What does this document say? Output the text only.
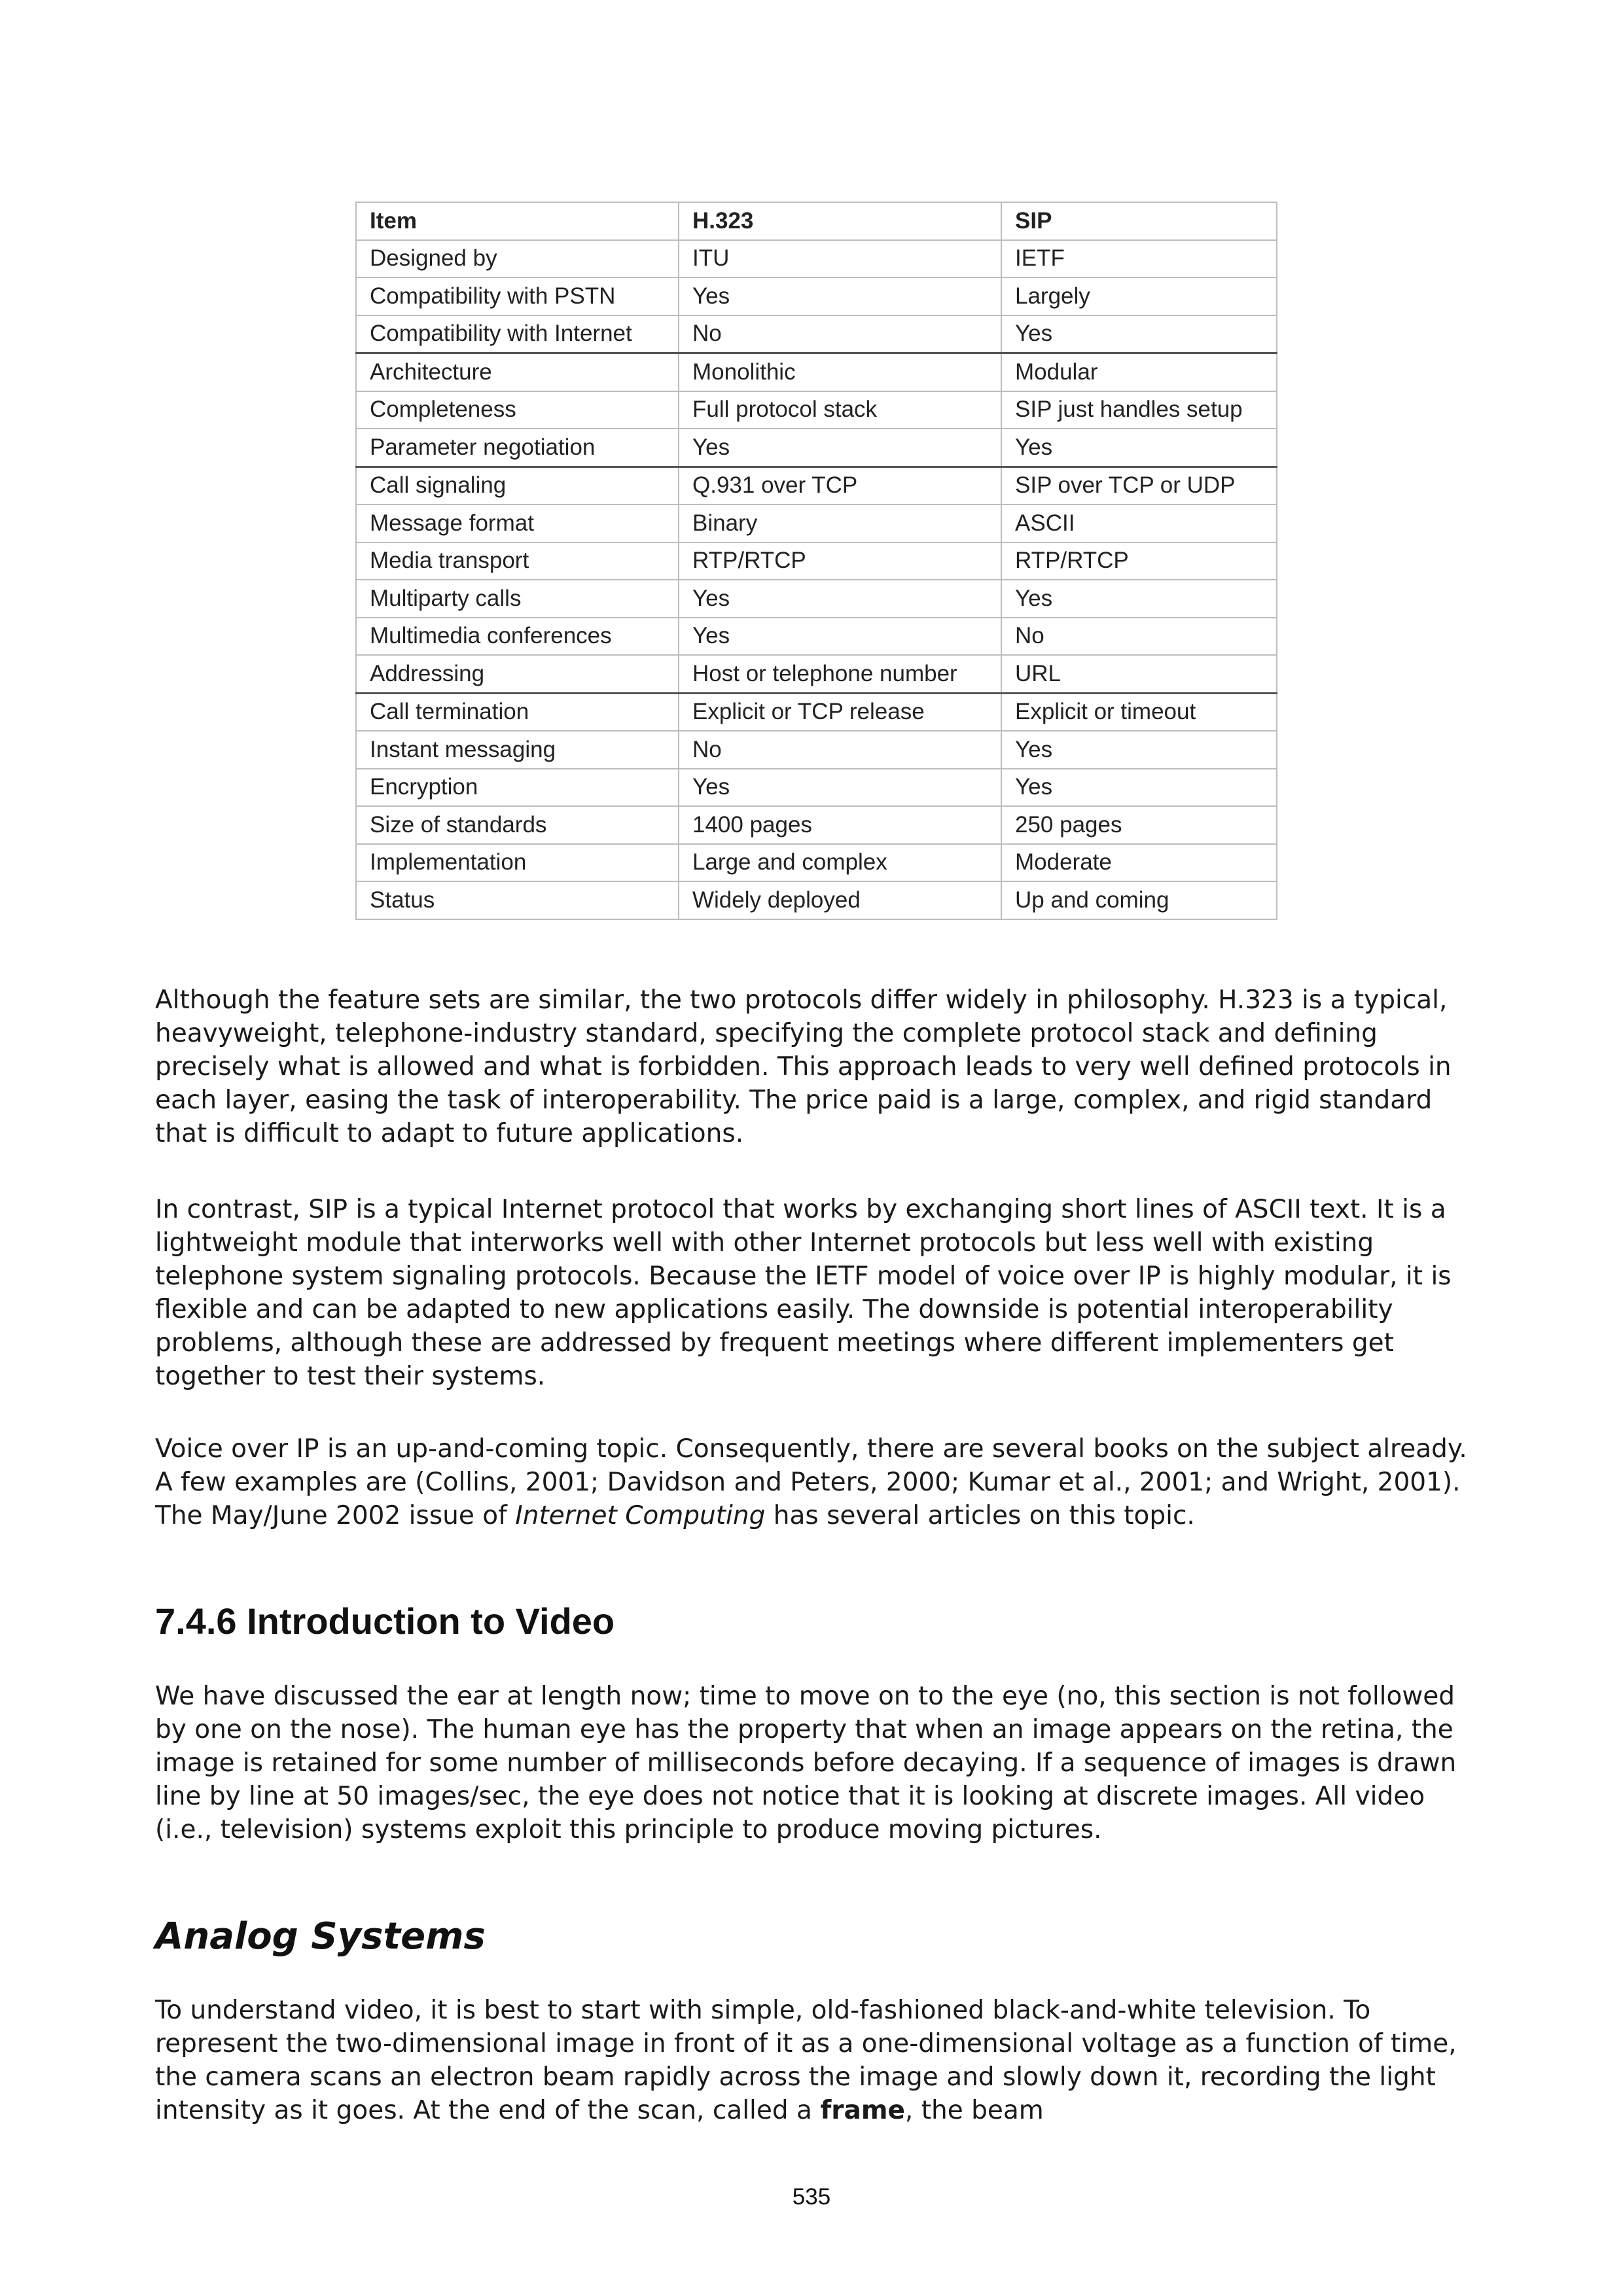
Item	H.323	SIP
Designed by	ITU	IETF
Compatibility with PSTN	Yes	Largely
Compatibility with Internet	No	Yes
Architecture	Monolithic	Modular
Completeness	Full protocol stack	SIP just handles setup
Parameter negotiation	Yes	Yes
Call signaling	Q.931 over TCP	SIP over TCP or UDP
Message format	Binary	ASCII
Media transport	RTP/RTCP	RTP/RTCP
Multiparty calls	Yes	Yes
Multimedia conferences	Yes	No
Addressing	Host or telephone number	URL
Call termination	Explicit or TCP release	Explicit or timeout
Instant messaging	No	Yes
Encryption	Yes	Yes
Size of standards	1400 pages	250 pages
Implementation	Large and complex	Moderate
Status	Widely deployed	Up and coming

Although the feature sets are similar, the two protocols differ widely in philosophy. H.323 is a typical, heavyweight, telephone-industry standard, specifying the complete protocol stack and defining precisely what is allowed and what is forbidden. This approach leads to very well defined protocols in each layer, easing the task of interoperability. The price paid is a large, complex, and rigid standard that is difficult to adapt to future applications.

In contrast, SIP is a typical Internet protocol that works by exchanging short lines of ASCII text. It is a lightweight module that interworks well with other Internet protocols but less well with existing telephone system signaling protocols. Because the IETF model of voice over IP is highly modular, it is flexible and can be adapted to new applications easily. The downside is potential interoperability problems, although these are addressed by frequent meetings where different implementers get together to test their systems.

Voice over IP is an up-and-coming topic. Consequently, there are several books on the subject already. A few examples are (Collins, 2001; Davidson and Peters, 2000; Kumar et al., 2001; and Wright, 2001). The May/June 2002 issue of Internet Computing has several articles on this topic.

7.4.6 Introduction to Video

We have discussed the ear at length now; time to move on to the eye (no, this section is not followed by one on the nose). The human eye has the property that when an image appears on the retina, the image is retained for some number of milliseconds before decaying. If a sequence of images is drawn line by line at 50 images/sec, the eye does not notice that it is looking at discrete images. All video (i.e., television) systems exploit this principle to produce moving pictures.

Analog Systems

To understand video, it is best to start with simple, old-fashioned black-and-white television. To represent the two-dimensional image in front of it as a one-dimensional voltage as a function of time, the camera scans an electron beam rapidly across the image and slowly down it, recording the light intensity as it goes. At the end of the scan, called a frame, the beam

535
